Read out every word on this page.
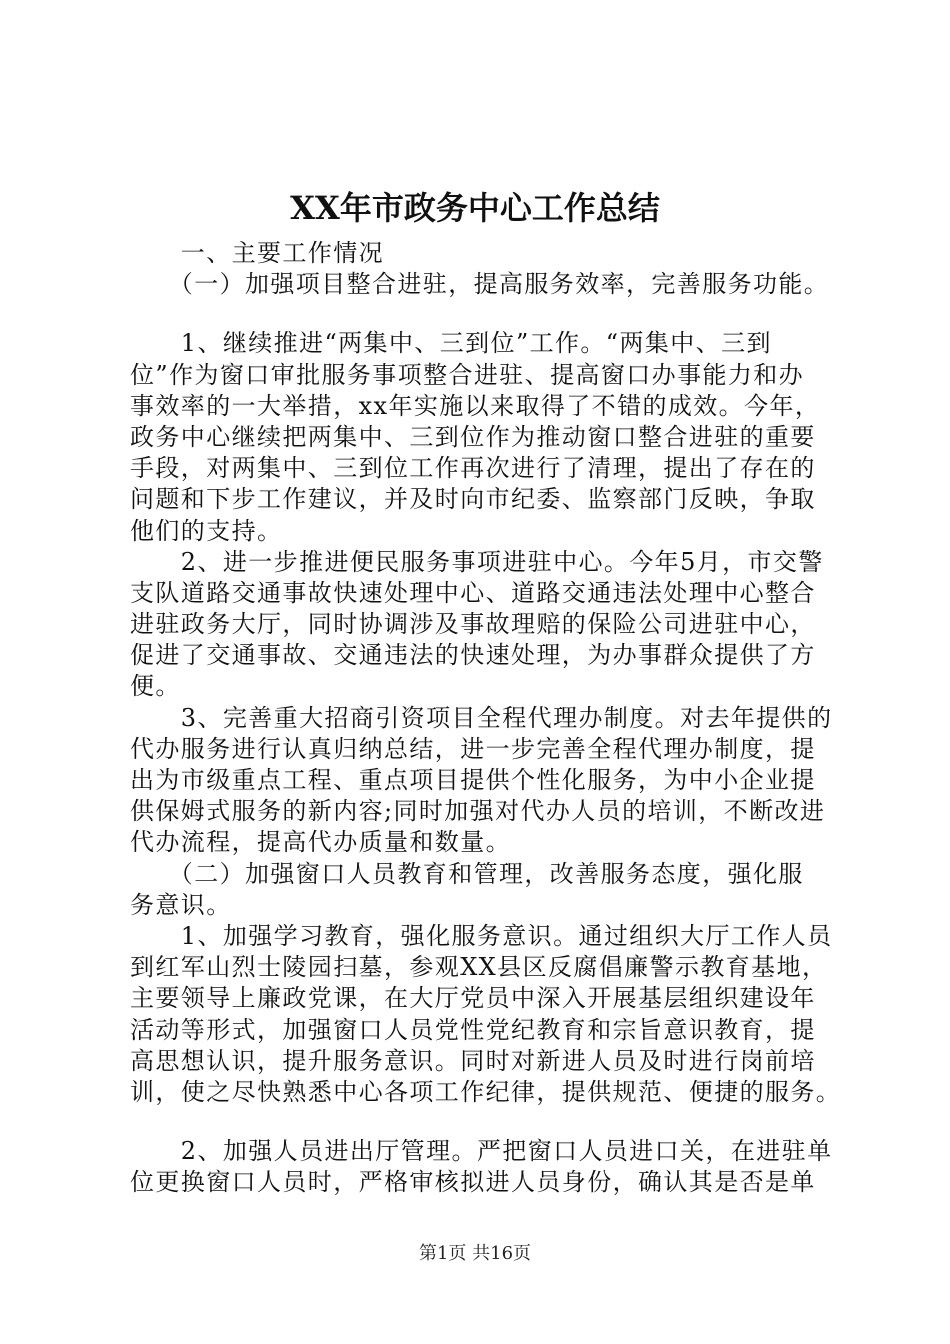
XX年市政务中心工作总结
　　一、主要工作情况
　　（一）加强项目整合进驻，提高服务效率，完善服务功能。
　　1、继续推进“两集中、三到位”工作。“两集中、三到
位”作为窗口审批服务事项整合进驻、提高窗口办事能力和办
事效率的一大举措，xx年实施以来取得了不错的成效。今年，
政务中心继续把两集中、三到位作为推动窗口整合进驻的重要
手段，对两集中、三到位工作再次进行了清理，提出了存在的
问题和下步工作建议，并及时向市纪委、监察部门反映，争取
他们的支持。
　　2、进一步推进便民服务事项进驻中心。今年5月，市交警
支队道路交通事故快速处理中心、道路交通违法处理中心整合
进驻政务大厅，同时协调涉及事故理赔的保险公司进驻中心，
促进了交通事故、交通违法的快速处理，为办事群众提供了方
便。
　　3、完善重大招商引资项目全程代理办制度。对去年提供的
代办服务进行认真归纳总结，进一步完善全程代理办制度，提
出为市级重点工程、重点项目提供个性化服务，为中小企业提
供保姆式服务的新内容;同时加强对代办人员的培训，不断改进
代办流程，提高代办质量和数量。
　　（二）加强窗口人员教育和管理，改善服务态度，强化服
务意识。
　　1、加强学习教育，强化服务意识。通过组织大厅工作人员
到红军山烈士陵园扫墓，参观XX县区反腐倡廉警示教育基地，
主要领导上廉政党课，在大厅党员中深入开展基层组织建设年
活动等形式，加强窗口人员党性党纪教育和宗旨意识教育，提
高思想认识，提升服务意识。同时对新进人员及时进行岗前培
训，使之尽快熟悉中心各项工作纪律，提供规范、便捷的服务。
　　2、加强人员进出厅管理。严把窗口人员进口关，在进驻单
位更换窗口人员时，严格审核拟进人员身份，确认其是否是单
第1页 共16页
